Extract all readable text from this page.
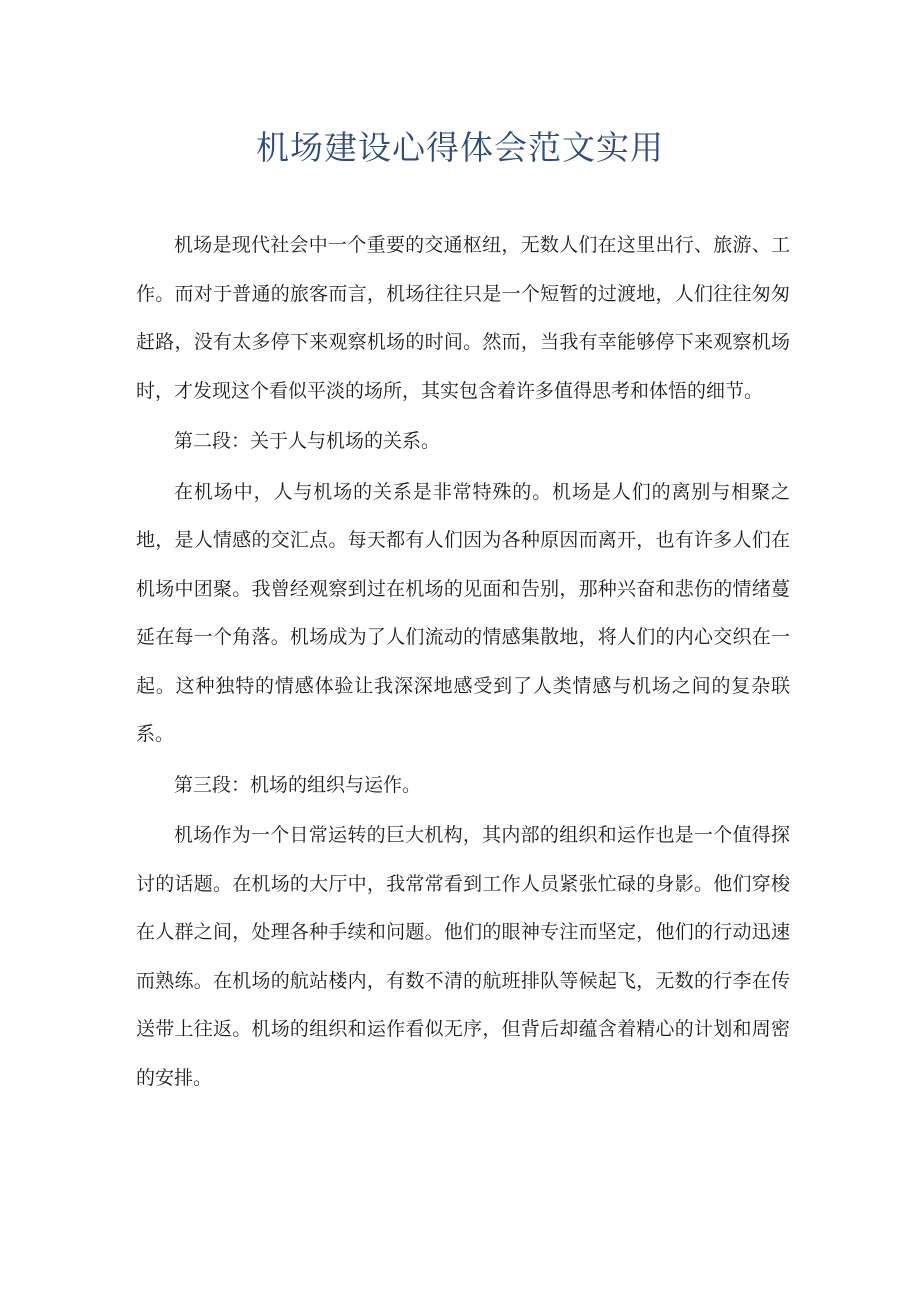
机场建设心得体会范文实用

机场是现代社会中一个重要的交通枢纽，无数人们在这里出行、旅游、工作。而对于普通的旅客而言，机场往往只是一个短暂的过渡地，人们往往匆匆赶路，没有太多停下来观察机场的时间。然而，当我有幸能够停下来观察机场时，才发现这个看似平淡的场所，其实包含着许多值得思考和体悟的细节。

第二段：关于人与机场的关系。

在机场中，人与机场的关系是非常特殊的。机场是人们的离别与相聚之地，是人情感的交汇点。每天都有人们因为各种原因而离开，也有许多人们在机场中团聚。我曾经观察到过在机场的见面和告别，那种兴奋和悲伤的情绪蔓延在每一个角落。机场成为了人们流动的情感集散地，将人们的内心交织在一起。这种独特的情感体验让我深深地感受到了人类情感与机场之间的复杂联系。

第三段：机场的组织与运作。

机场作为一个日常运转的巨大机构，其内部的组织和运作也是一个值得探讨的话题。在机场的大厅中，我常常看到工作人员紧张忙碌的身影。他们穿梭在人群之间，处理各种手续和问题。他们的眼神专注而坚定，他们的行动迅速而熟练。在机场的航站楼内，有数不清的航班排队等候起飞，无数的行李在传送带上往返。机场的组织和运作看似无序，但背后却蕴含着精心的计划和周密的安排。
